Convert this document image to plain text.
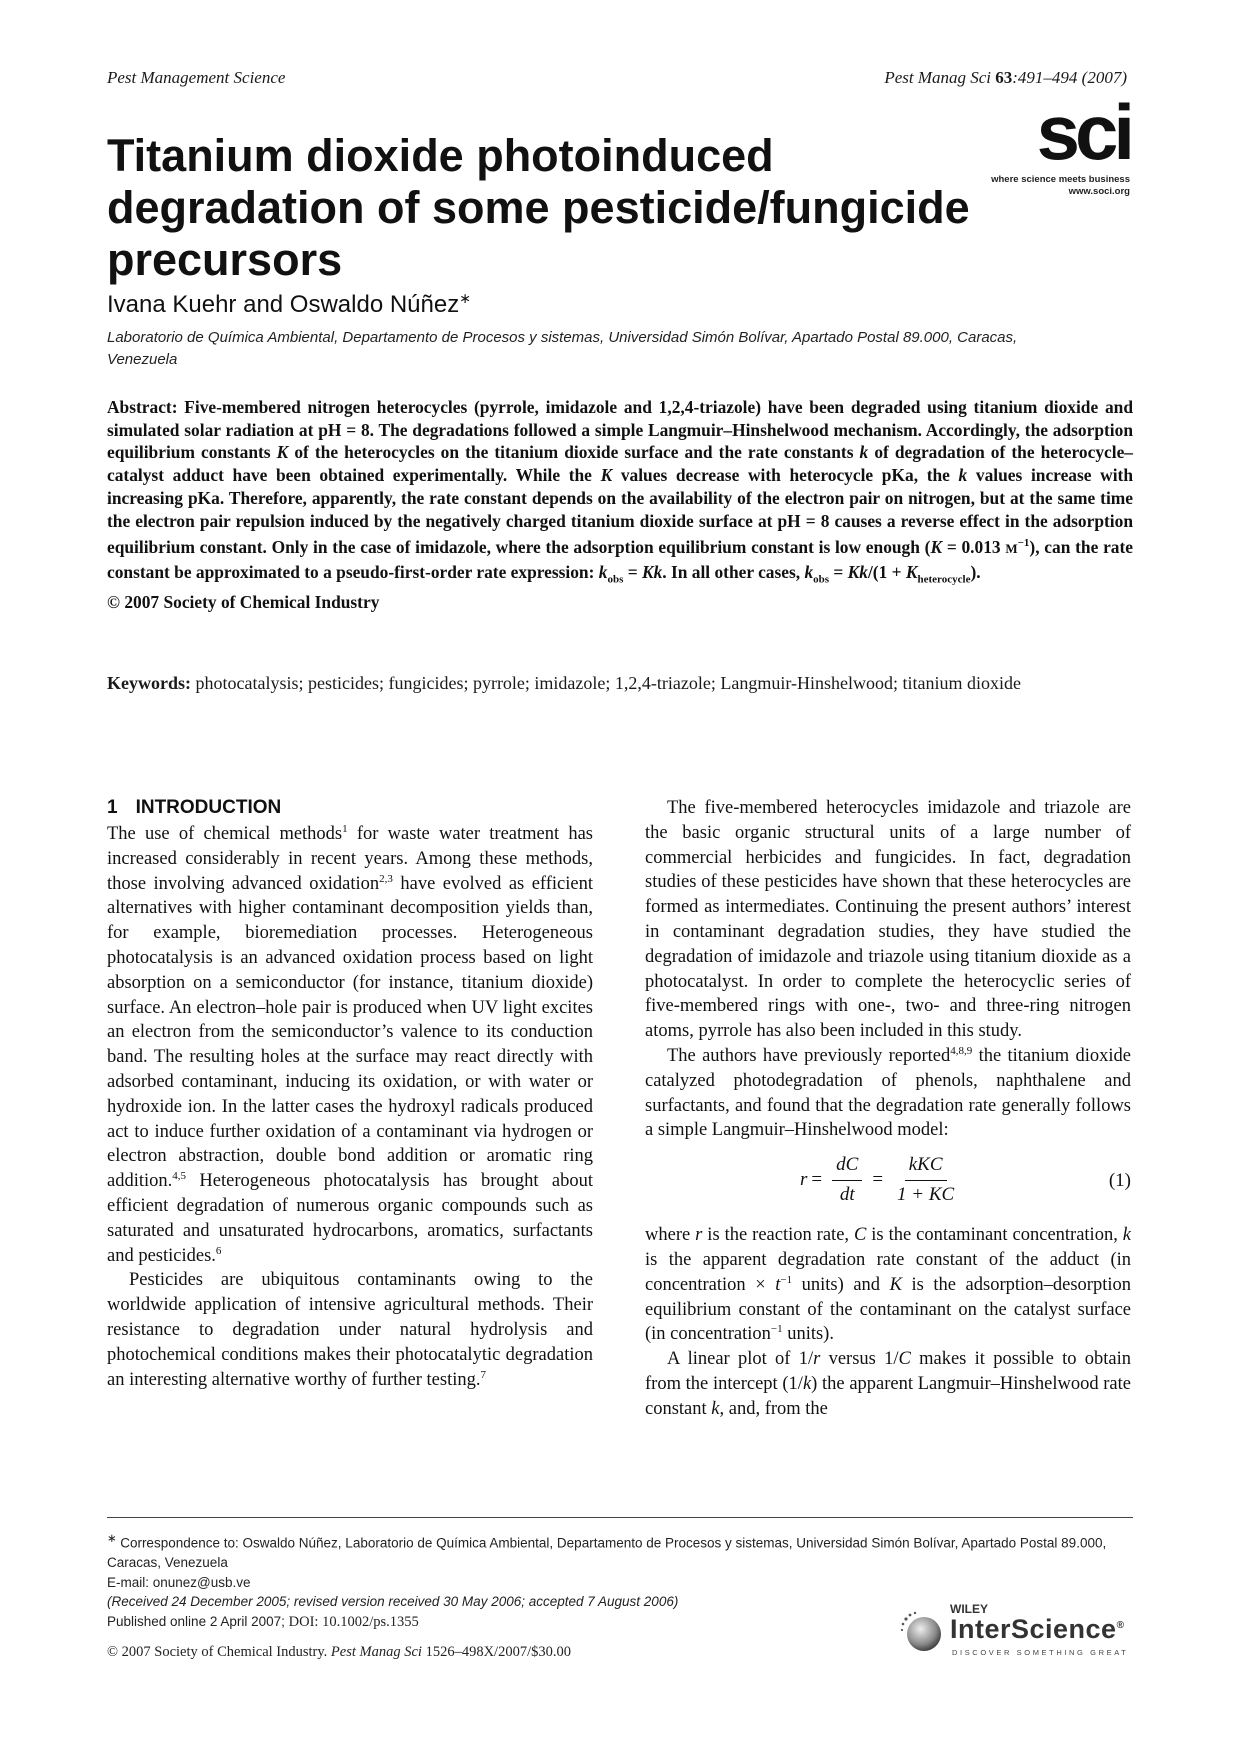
Pest Management Science	Pest Manag Sci 63:491–494 (2007)
sci
where science meets business
www.soci.org
Titanium dioxide photoinduced degradation of some pesticide/fungicide precursors
Ivana Kuehr and Oswaldo Núñez∗
Laboratorio de Química Ambiental, Departamento de Procesos y sistemas, Universidad Simón Bolívar, Apartado Postal 89.000, Caracas, Venezuela
Abstract: Five-membered nitrogen heterocycles (pyrrole, imidazole and 1,2,4-triazole) have been degraded using titanium dioxide and simulated solar radiation at pH = 8. The degradations followed a simple Langmuir–Hinshelwood mechanism. Accordingly, the adsorption equilibrium constants K of the heterocycles on the titanium dioxide surface and the rate constants k of degradation of the heterocycle–catalyst adduct have been obtained experimentally. While the K values decrease with heterocycle pKa, the k values increase with increasing pKa. Therefore, apparently, the rate constant depends on the availability of the electron pair on nitrogen, but at the same time the electron pair repulsion induced by the negatively charged titanium dioxide surface at pH = 8 causes a reverse effect in the adsorption equilibrium constant. Only in the case of imidazole, where the adsorption equilibrium constant is low enough (K = 0.013 $M^{-1}$), can the rate constant be approximated to a pseudo-first-order rate expression: $k_{obs} = Kk$. In all other cases, $k_{obs} = Kk/(1 + K_{heterocycle})$.
© 2007 Society of Chemical Industry
Keywords: photocatalysis; pesticides; fungicides; pyrrole; imidazole; 1,2,4-triazole; Langmuir-Hinshelwood; titanium dioxide
1 INTRODUCTION

The use of chemical methods$^1$ for waste water treatment has increased considerably in recent years. Among these methods, those involving advanced oxidation$^{2,3}$ have evolved as efficient alternatives with higher contaminant decomposition yields than, for example, bioremediation processes. Heterogeneous photocatalysis is an advanced oxidation process based on light absorption on a semiconductor (for instance, titanium dioxide) surface. An electron–hole pair is produced when UV light excites an electron from the semiconductor’s valence to its conduction band. The resulting holes at the surface may react directly with adsorbed contaminant, inducing its oxidation, or with water or hydroxide ion. In the latter cases the hydroxyl radicals produced act to induce further oxidation of a contaminant via hydrogen or electron abstraction, double bond addition or aromatic ring addition.$^{4,5}$ Heterogeneous photocatalysis has brought about efficient degradation of numerous organic compounds such as saturated and unsaturated hydrocarbons, aromatics, surfactants and pesticides.$^6$

Pesticides are ubiquitous contaminants owing to the worldwide application of intensive agricultural methods. Their resistance to degradation under natural hydrolysis and photochemical conditions makes their photocatalytic degradation an interesting alternative worthy of further testing.$^7$

The five-membered heterocycles imidazole and triazole are the basic organic structural units of a large number of commercial herbicides and fungicides. In fact, degradation studies of these pesticides have shown that these heterocycles are formed as intermediates. Continuing the present authors’ interest in contaminant degradation studies, they have studied the degradation of imidazole and triazole using titanium dioxide as a photocatalyst. In order to complete the heterocyclic series of five-membered rings with one-, two- and three-ring nitrogen atoms, pyrrole has also been included in this study.

The authors have previously reported$^{4,8,9}$ the titanium dioxide catalyzed photodegradation of phenols, naphthalene and surfactants, and found that the degradation rate generally follows a simple Langmuir–Hinshelwood model:

$r = \frac{dC}{dt} = \frac{\text{kKC}}{1 + KC}$	(1)

where r is the reaction rate, C is the contaminant concentration, k is the apparent degradation rate constant of the adduct (in concentration × $t^{-1}$ units) and K is the adsorption–desorption equilibrium constant of the contaminant on the catalyst surface (in concentration$^{-1}$ units).

A linear plot of 1/r versus 1/C makes it possible to obtain from the intercept (1/k) the apparent Langmuir–Hinshelwood rate constant k, and, from the

∗ Correspondence to: Oswaldo Núñez, Laboratorio de Química Ambiental, Departamento de Procesos y sistemas, Universidad Simón Bolívar, Apartado Postal 89.000, Caracas, Venezuela
E-mail: onunez@usb.ve
(Received 24 December 2005; revised version received 30 May 2006; accepted 7 August 2006)
Published online 2 April 2007; DOI: 10.1002/ps.1355
© 2007 Society of Chemical Industry. Pest Manag Sci 1526–498X/2007/$30.00
WILEY
InterScience®
DISCOVER SOMETHING GREAT
